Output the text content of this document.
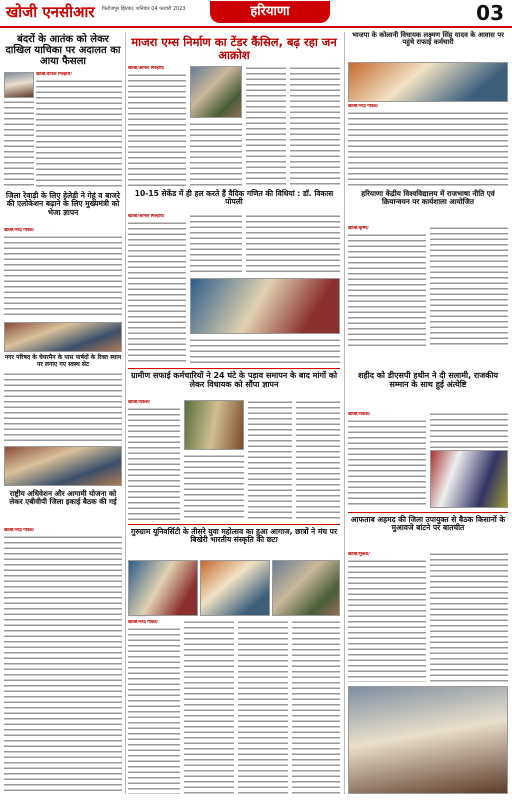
खोजी एनसीआर फिरोजपुर झिरका, शनिवार 04 फरवरी 2023	हरियाणा	03
बंदरों के आतंक को लेकर दाखिल याचिका पर अदालत का आया फैसला
खोजी/दीपक गिल्हारी/
जिला रेवाड़ी के लिए हेलेड़ी ने गेहूं व बाजरे की एलोकेशन बढ़ाने के लिए मुख्यमंत्री को भेजा ज्ञापन
खोजी/नरेंद्र गोवल/
नगर परिषद के चेयरमैन के पास पार्षदों के रिक्त स्थान पर लगाए गए स्वस्थ सेट
माजरा एम्स निर्माण का टेंडर कैंसिल, बढ़ रहा जन आक्रोश
खोजी/अनिल गिल्हारी/
10-15 सेकेंड में ही हल करते हैं वैदिक गणित की विधियां : डॉ. विकास पोपली
खोजी/अनिल गिल्हारी/
भाजपा के कोलानी विधायक लक्ष्मण सिंह यादव के आवास पर पहुंचे राफाई कर्मचारी
खोजी/नरेंद्र गोवल/
हरियाणा केंद्रीय विश्वविद्यालय में राजभाषा नीति एवं क्रियान्वयन पर कार्यशाला आयोजित
खोजी/कृष्ण/
ग्रामीण सफाई कर्मचारियों ने 24 घंटे के पड़ाव समापन के बाद मांगों को लेकर विधायक को सौंपा ज्ञापन
खोजी/राकेश/
शहीद को डीएसपी हथीन ने दी सलामी, राजकीय सम्मान के साथ हुई अंत्येष्टि
खोजी/राकेश/
राष्ट्रीय अधिवेशन और आगामी योजना को लेकर एबीवीपी जिला इकाई बैठक की गई
खोजी/नरेंद्र गोवल/	गुरुग्राम यूनिवर्सिटी के तीसरे युवा महोत्सव का हुआ आगाज, छात्रों ने मंच पर बिखेरी भारतीय संस्कृति की छटा
खोजी/नरेंद्र गोवल/
आफताब अहमद की जिला उपायुक्त से बैठक किसानों के मुआवजे बांटने पर बातचीत
खोजी/मुकेश/
